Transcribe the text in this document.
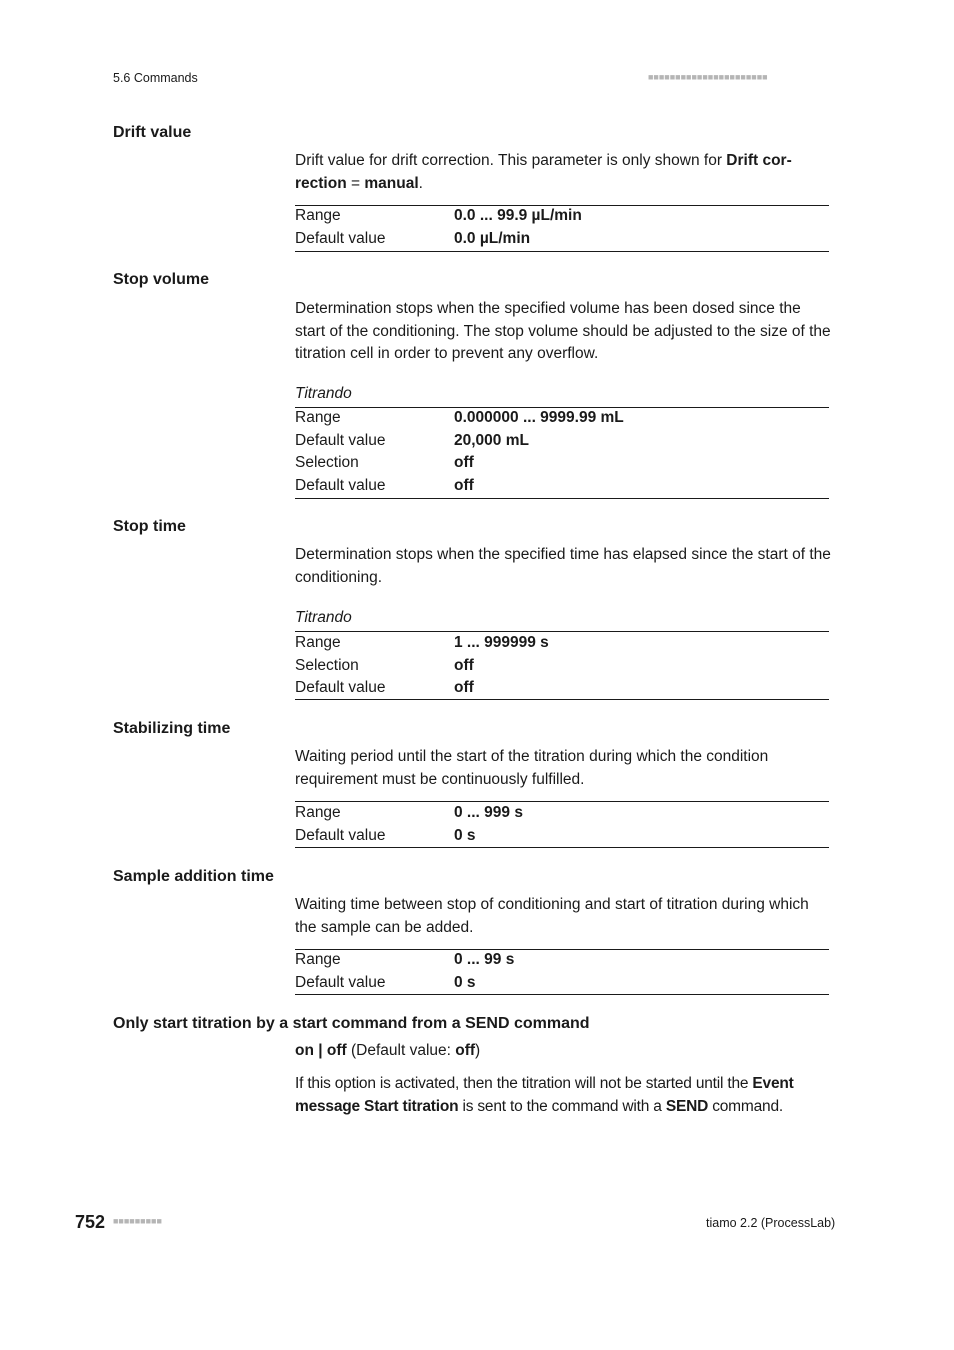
5.6 Commands	■■■■■■■■■■■■■■■■■■■■■■
Drift value
Drift value for drift correction. This parameter is only shown for Drift cor-
rection = manual.
Range	0.0 ... 99.9 µL/min
Default value	0.0 µL/min
Stop volume
Determination stops when the specified volume has been dosed since the start of the conditioning. The stop volume should be adjusted to the size of the titration cell in order to prevent any overflow.
Titrando
Range	0.000000 ... 9999.99 mL
Default value	20,000 mL
Selection	off
Default value	off
Stop time
Determination stops when the specified time has elapsed since the start of the conditioning.
Titrando
Range	1 ... 999999 s
Selection	off
Default value	off
Stabilizing time
Waiting period until the start of the titration during which the condition requirement must be continuously fulfilled.
Range	0 ... 999 s
Default value	0 s
Sample addition time
Waiting time between stop of conditioning and start of titration during which the sample can be added.
Range	0 ... 99 s
Default value	0 s
Only start titration by a start command from a SEND command
on | off (Default value: off)
If this option is activated, then the titration will not be started until the Event message Start titration is sent to the command with a SEND command.
752 ■■■■■■■■■	tiamo 2.2 (ProcessLab)
